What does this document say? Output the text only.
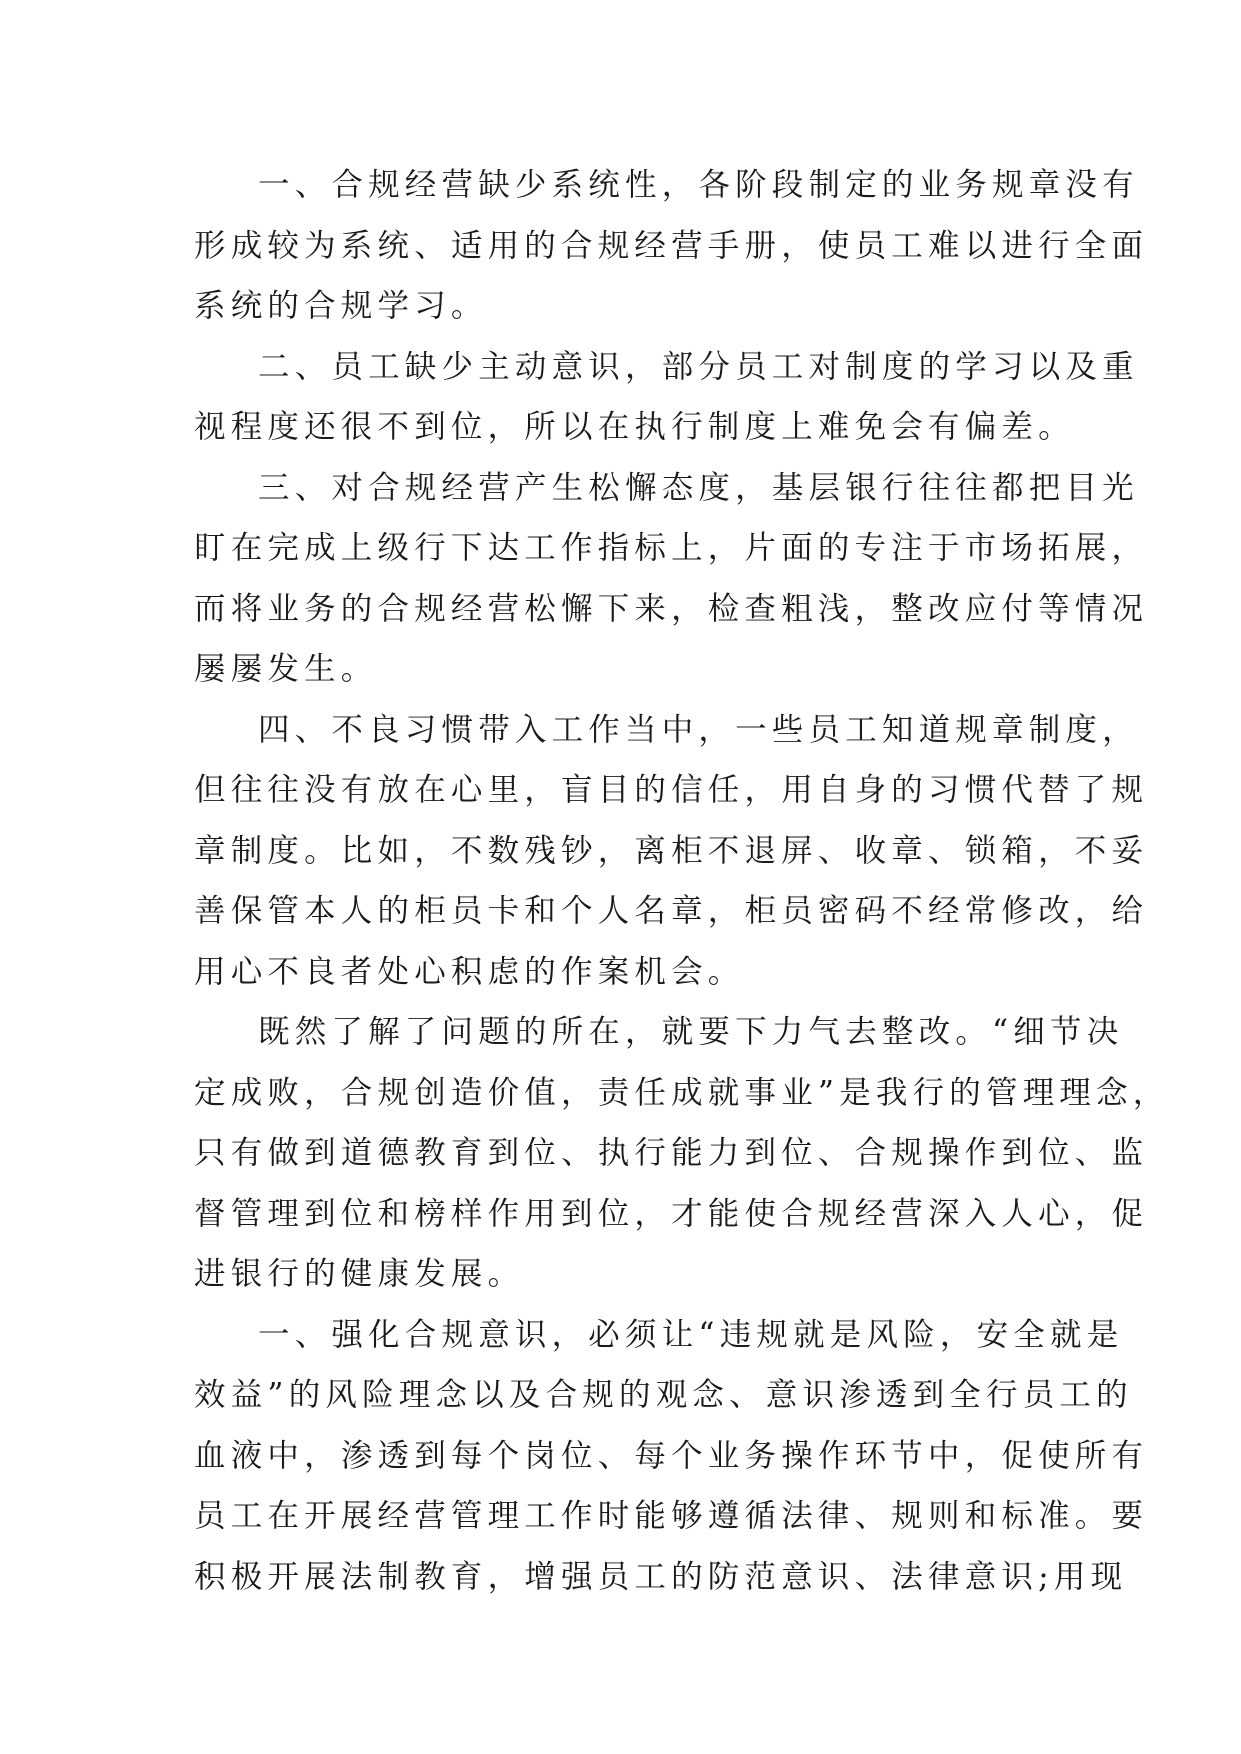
一、合规经营缺少系统性，各阶段制定的业务规章没有
形成较为系统、适用的合规经营手册，使员工难以进行全面
系统的合规学习。

二、员工缺少主动意识，部分员工对制度的学习以及重
视程度还很不到位，所以在执行制度上难免会有偏差。

三、对合规经营产生松懈态度，基层银行往往都把目光
盯在完成上级行下达工作指标上，片面的专注于市场拓展，
而将业务的合规经营松懈下来，检查粗浅，整改应付等情况
屡屡发生。

四、不良习惯带入工作当中，一些员工知道规章制度，
但往往没有放在心里，盲目的信任，用自身的习惯代替了规
章制度。比如，不数残钞，离柜不退屏、收章、锁箱，不妥
善保管本人的柜员卡和个人名章，柜员密码不经常修改，给
用心不良者处心积虑的作案机会。

既然了解了问题的所在，就要下力气去整改。“细节决
定成败，合规创造价值，责任成就事业”是我行的管理理念，
只有做到道德教育到位、执行能力到位、合规操作到位、监
督管理到位和榜样作用到位，才能使合规经营深入人心，促
进银行的健康发展。

一、强化合规意识，必须让“违规就是风险，安全就是
效益”的风险理念以及合规的观念、意识渗透到全行员工的
血液中，渗透到每个岗位、每个业务操作环节中，促使所有
员工在开展经营管理工作时能够遵循法律、规则和标准。要
积极开展法制教育，增强员工的防范意识、法律意识;用现
